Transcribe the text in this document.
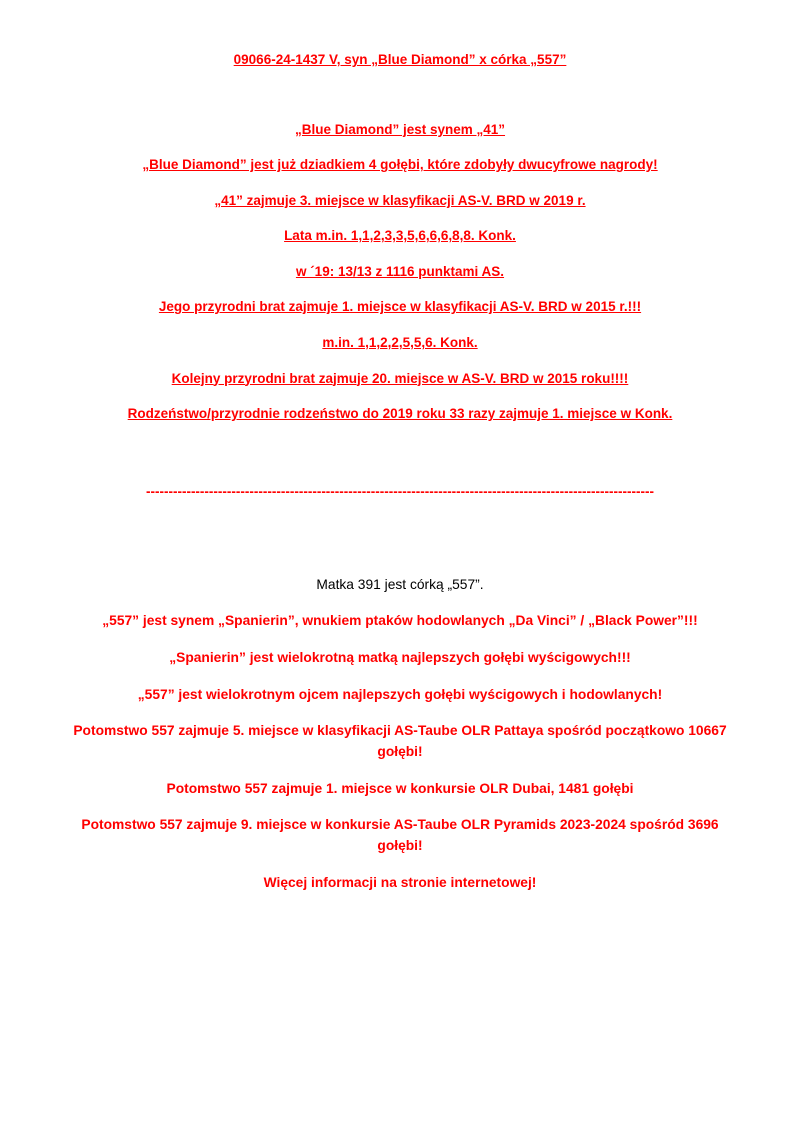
09066-24-1437 V, syn „Blue Diamond” x córka „557”

„Blue Diamond” jest synem „41”

„Blue Diamond” jest już dziadkiem 4 gołębi, które zdobyły dwucyfrowe nagrody!

„41” zajmuje 3. miejsce w klasyfikacji AS-V. BRD w 2019 r.

Lata m.in. 1,1,2,3,3,5,6,6,6,8,8. Konk.

w ´19: 13/13 z 1116 punktami AS.

Jego przyrodni brat zajmuje 1. miejsce w klasyfikacji AS-V. BRD w 2015 r.!!!

m.in. 1,1,2,2,5,5,6. Konk.

Kolejny przyrodni brat zajmuje 20. miejsce w AS-V. BRD w 2015 roku!!!!

Rodzeństwo/przyrodnie rodzeństwo do 2019 roku 33 razy zajmuje 1. miejsce w Konk.

-----------------------------------------------------------------------------------------------------------------

Matka 391 jest córką „557”.

„557” jest synem „Spanierin”, wnukiem ptaków hodowlanych „Da Vinci” / „Black Power”!!!

„Spanierin” jest wielokrotną matką najlepszych gołębi wyścigowych!!!

„557” jest wielokrotnym ojcem najlepszych gołębi wyścigowych i hodowlanych!

Potomstwo 557 zajmuje 5. miejsce w klasyfikacji AS-Taube OLR Pattaya spośród początkowo 10667 gołębi!

Potomstwo 557 zajmuje 1. miejsce w konkursie OLR Dubai, 1481 gołębi

Potomstwo 557 zajmuje 9. miejsce w konkursie AS-Taube OLR Pyramids 2023-2024 spośród 3696 gołębi!

Więcej informacji na stronie internetowej!
